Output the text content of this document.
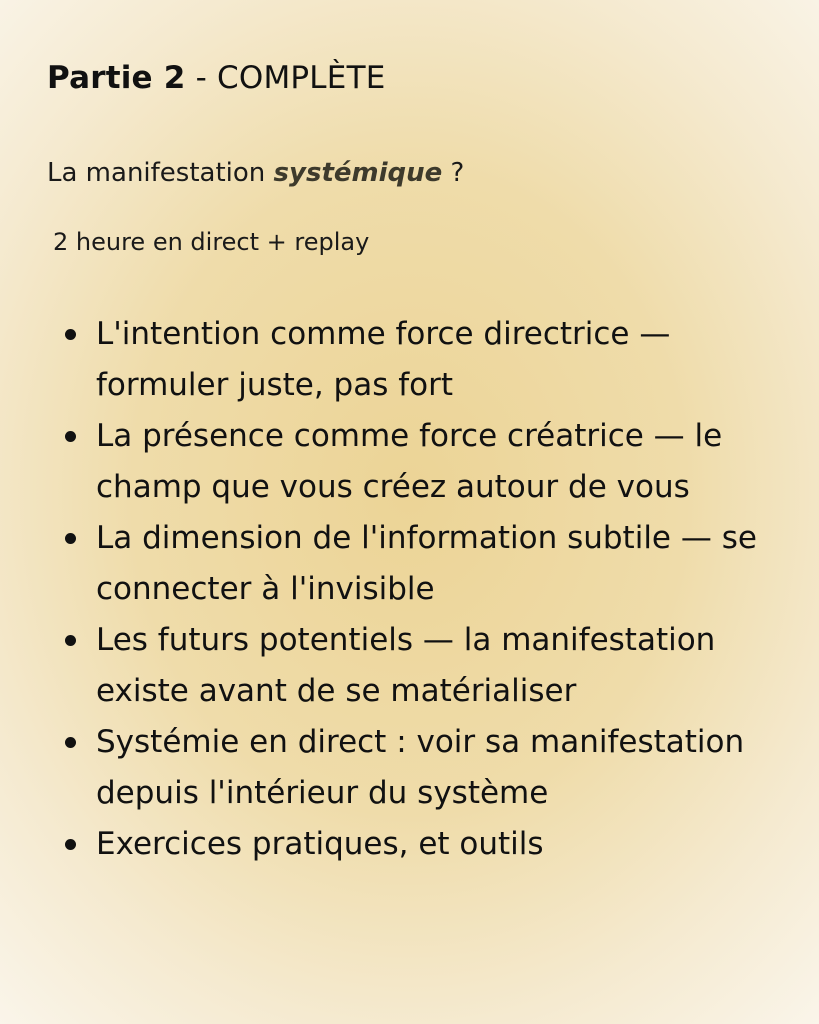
Partie 2 - COMPLÈTE
La manifestation systémique ?
2 heure en direct + replay
L'intention comme force directrice — formuler juste, pas fort
La présence comme force créatrice — le champ que vous créez autour de vous
La dimension de l'information subtile — se connecter à l'invisible
Les futurs potentiels — la manifestation existe avant de se matérialiser
Systémie en direct : voir sa manifestation depuis l'intérieur du système
Exercices pratiques, et outils
